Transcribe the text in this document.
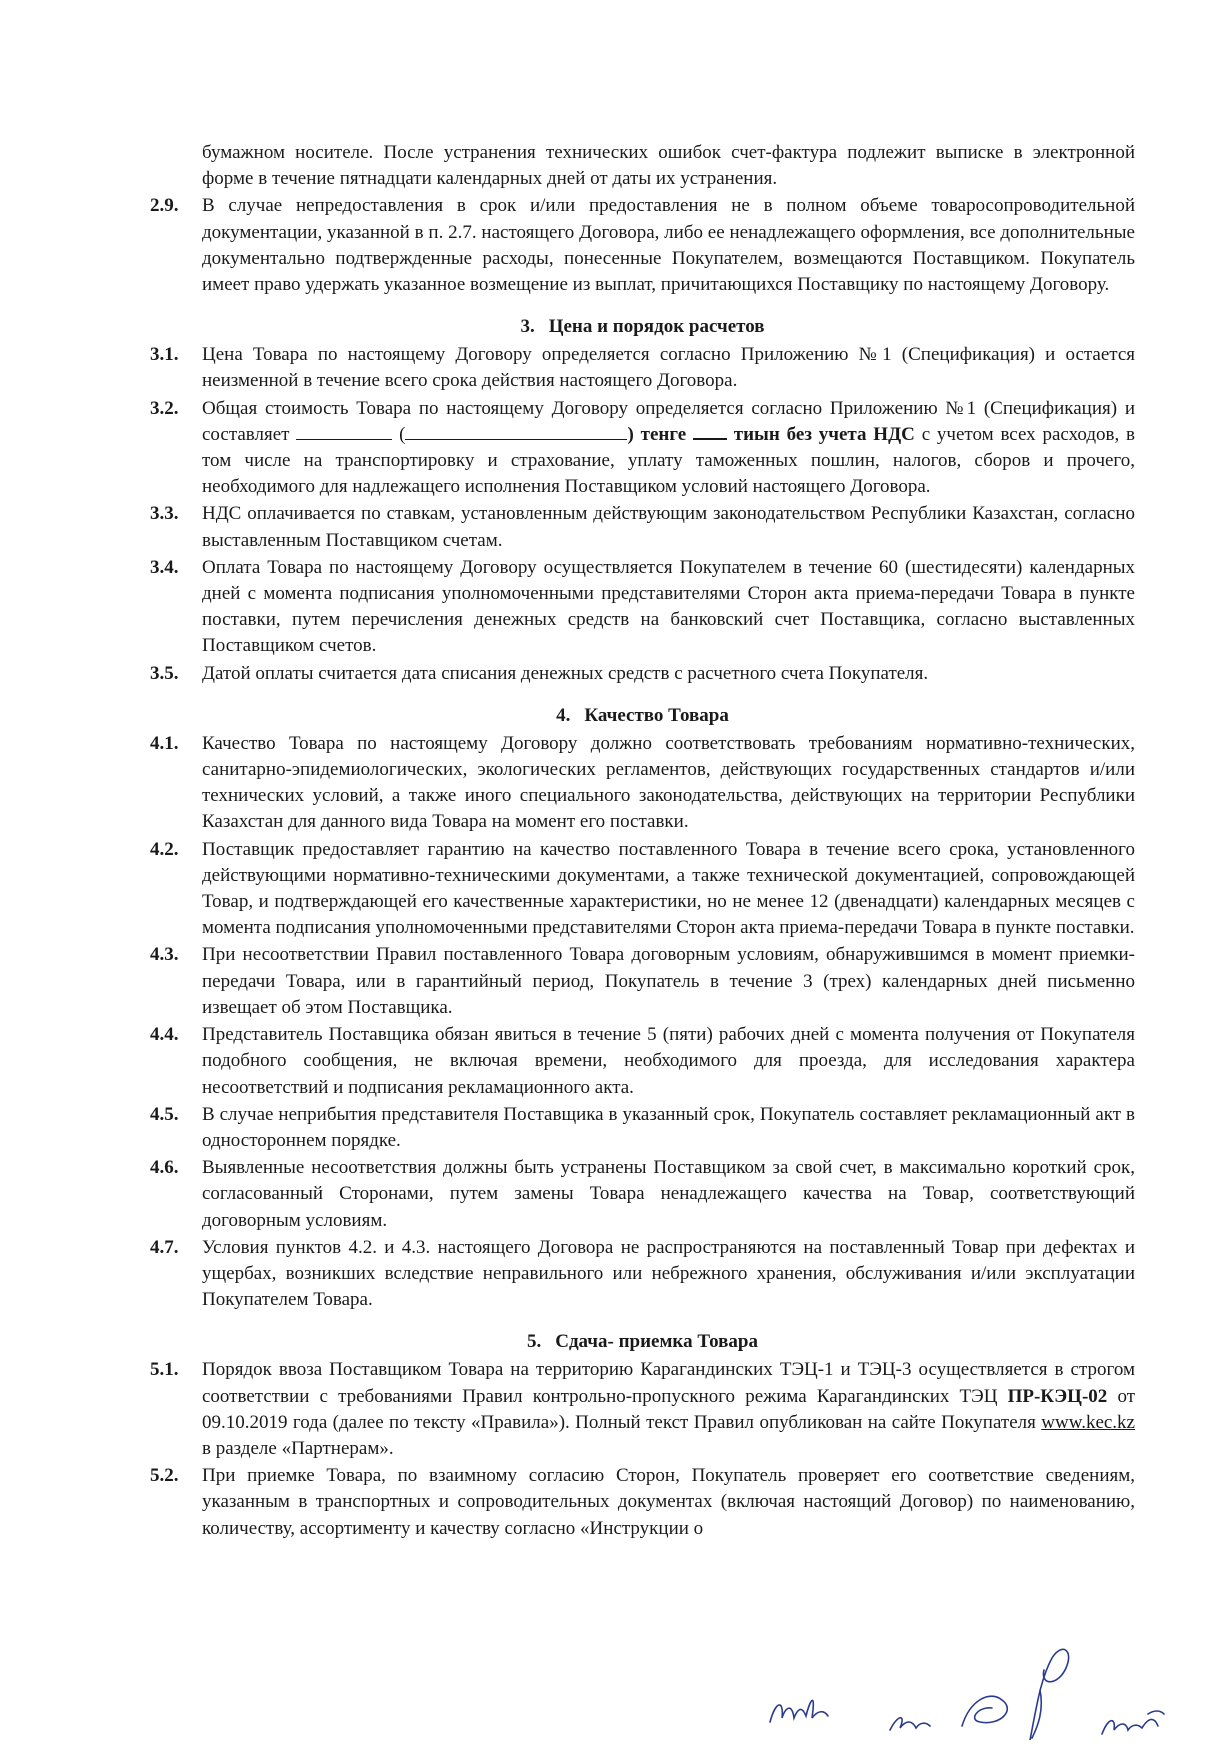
бумажном носителе. После устранения технических ошибок счет-фактура подлежит выписке в электронной форме в течение пятнадцати календарных дней от даты их устранения.

2.9. В случае непредоставления в срок и/или предоставления не в полном объеме товаросопроводительной документации, указанной в п. 2.7. настоящего Договора, либо ее ненадлежащего оформления, все дополнительные документально подтвержденные расходы, понесенные Покупателем, возмещаются Поставщиком. Покупатель имеет право удержать указанное возмещение из выплат, причитающихся Поставщику по настоящему Договору.

3. Цена и порядок расчетов

3.1. Цена Товара по настоящему Договору определяется согласно Приложению №1 (Спецификация) и остается неизменной в течение всего срока действия настоящего Договора.

3.2. Общая стоимость Товара по настоящему Договору определяется согласно Приложению №1 (Спецификация) и составляет	(	) тенге  тиын без учета НДС с учетом всех расходов, в том числе на транспортировку и страхование, уплату таможенных пошлин, налогов, сборов и прочего, необходимого для надлежащего исполнения Поставщиком условий настоящего Договора.

3.3. НДС оплачивается по ставкам, установленным действующим законодательством Республики Казахстан, согласно выставленным Поставщиком счетам.

3.4. Оплата Товара по настоящему Договору осуществляется Покупателем в течение 60 (шестидесяти) календарных дней с момента подписания уполномоченными представителями Сторон акта приема-передачи Товара в пункте поставки, путем перечисления денежных средств на банковский счет Поставщика, согласно выставленных Поставщиком счетов.

3.5. Датой оплаты считается дата списания денежных средств с расчетного счета Покупателя.

4. Качество Товара

4.1. Качество Товара по настоящему Договору должно соответствовать требованиям нормативно-технических, санитарно-эпидемиологических, экологических регламентов, действующих государственных стандартов и/или технических условий, а также иного специального законодательства, действующих на территории Республики Казахстан для данного вида Товара на момент его поставки.

4.2. Поставщик предоставляет гарантию на качество поставленного Товара в течение всего срока, установленного действующими нормативно-техническими документами, а также технической документацией, сопровождающей Товар, и подтверждающей его качественные характеристики, но не менее 12 (двенадцати) календарных месяцев с момента подписания уполномоченными представителями Сторон акта приема-передачи Товара в пункте поставки.

4.3. При несоответствии Правил поставленного Товара договорным условиям, обнаружившимся в момент приемки-передачи Товара, или в гарантийный период, Покупатель в течение 3 (трех) календарных дней письменно извещает об этом Поставщика.

4.4. Представитель Поставщика обязан явиться в течение 5 (пяти) рабочих дней с момента получения от Покупателя подобного сообщения, не включая времени, необходимого для проезда, для исследования характера несоответствий и подписания рекламационного акта.

4.5. В случае неприбытия представителя Поставщика в указанный срок, Покупатель составляет рекламационный акт в одностороннем порядке.

4.6. Выявленные несоответствия должны быть устранены Поставщиком за свой счет, в максимально короткий срок, согласованный Сторонами, путем замены Товара ненадлежащего качества на Товар, соответствующий договорным условиям.

4.7. Условия пунктов 4.2. и 4.3. настоящего Договора не распространяются на поставленный Товар при дефектах и ущербах, возникших вследствие неправильного или небрежного хранения, обслуживания и/или эксплуатации Покупателем Товара.

5. Сдача- приемка Товара

5.1. Порядок ввоза Поставщиком Товара на территорию Карагандинских ТЭЦ-1 и ТЭЦ-3 осуществляется в строгом соответствии с требованиями Правил контрольно-пропускного режима Карагандинских ТЭЦ ПР-КЭЦ-02 от 09.10.2019 года (далее по тексту «Правила»). Полный текст Правил опубликован на сайте Покупателя www.kec.kz в разделе «Партнерам».

5.2. При приемке Товара, по взаимному согласию Сторон, Покупатель проверяет его соответствие сведениям, указанным в транспортных и сопроводительных документах (включая настоящий Договор) по наименованию, количеству, ассортименту и качеству согласно «Инструкции о
